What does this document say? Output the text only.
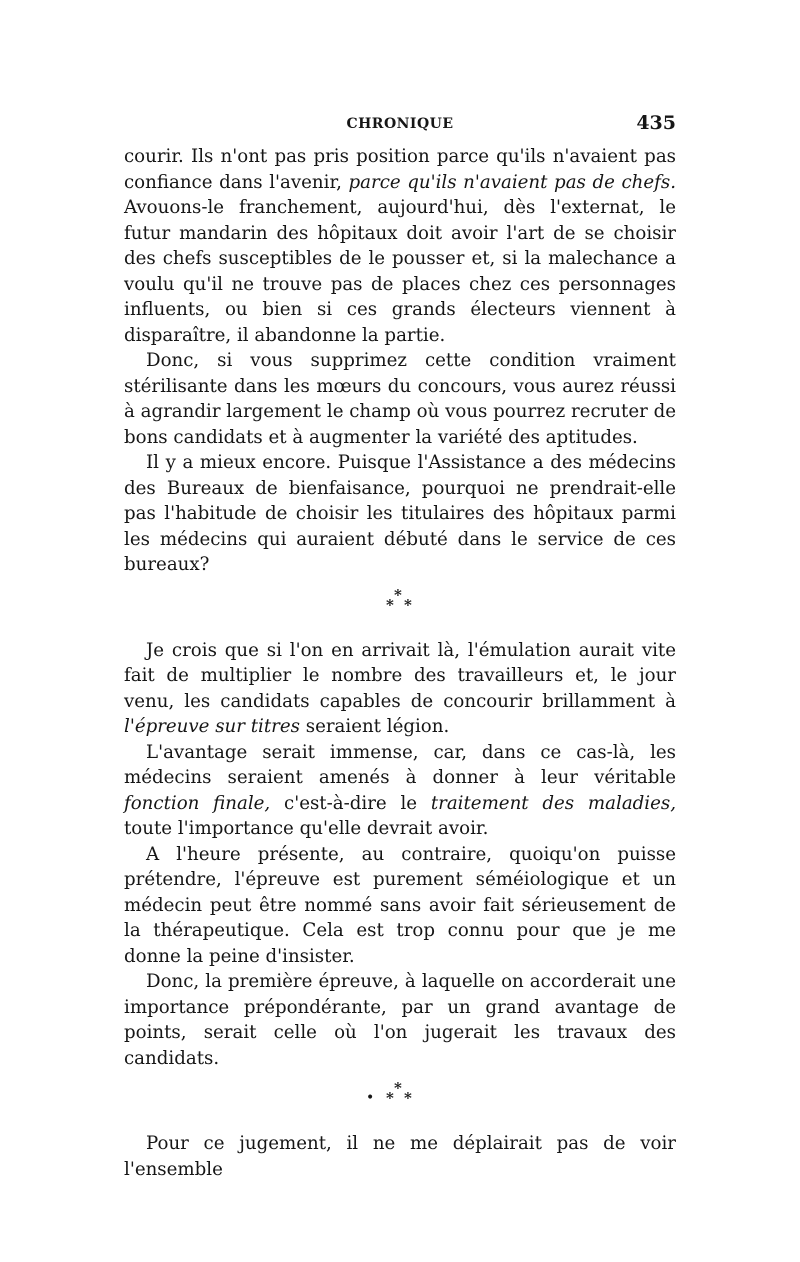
CHRONIQUE	435

courir. Ils n'ont pas pris position parce qu'ils n'avaient pas confiance dans l'avenir, parce qu'ils n'avaient pas de chefs. Avouons-le franchement, aujourd'hui, dès l'externat, le futur mandarin des hôpitaux doit avoir l'art de se choisir des chefs susceptibles de le pousser et, si la malechance a voulu qu'il ne trouve pas de places chez ces personnages influents, ou bien si ces grands électeurs viennent à disparaître, il abandonne la partie.

Donc, si vous supprimez cette condition vraiment stérilisante dans les mœurs du concours, vous aurez réussi à agrandir largement le champ où vous pourrez recruter de bons candidats et à augmenter la variété des aptitudes.

Il y a mieux encore. Puisque l'Assistance a des médecins des Bureaux de bienfaisance, pourquoi ne prendrait-elle pas l'habitude de choisir les titulaires des hôpitaux parmi les médecins qui auraient débuté dans le service de ces bureaux?

*
* *

Je crois que si l'on en arrivait là, l'émulation aurait vite fait de multiplier le nombre des travailleurs et, le jour venu, les candidats capables de concourir brillamment à l'épreuve sur titres seraient légion.

L'avantage serait immense, car, dans ce cas-là, les médecins seraient amenés à donner à leur véritable fonction finale, c'est-à-dire le traitement des maladies, toute l'importance qu'elle devrait avoir.

A l'heure présente, au contraire, quoiqu'on puisse prétendre, l'épreuve est purement séméiologique et un médecin peut être nommé sans avoir fait sérieusement de la thérapeutique. Cela est trop connu pour que je me donne la peine d'insister.

Donc, la première épreuve, à laquelle on accorderait une importance prépondérante, par un grand avantage de points, serait celle où l'on jugerait les travaux des candidats.

*
* *

Pour ce jugement, il ne me déplairait pas de voir l'ensemble

•
